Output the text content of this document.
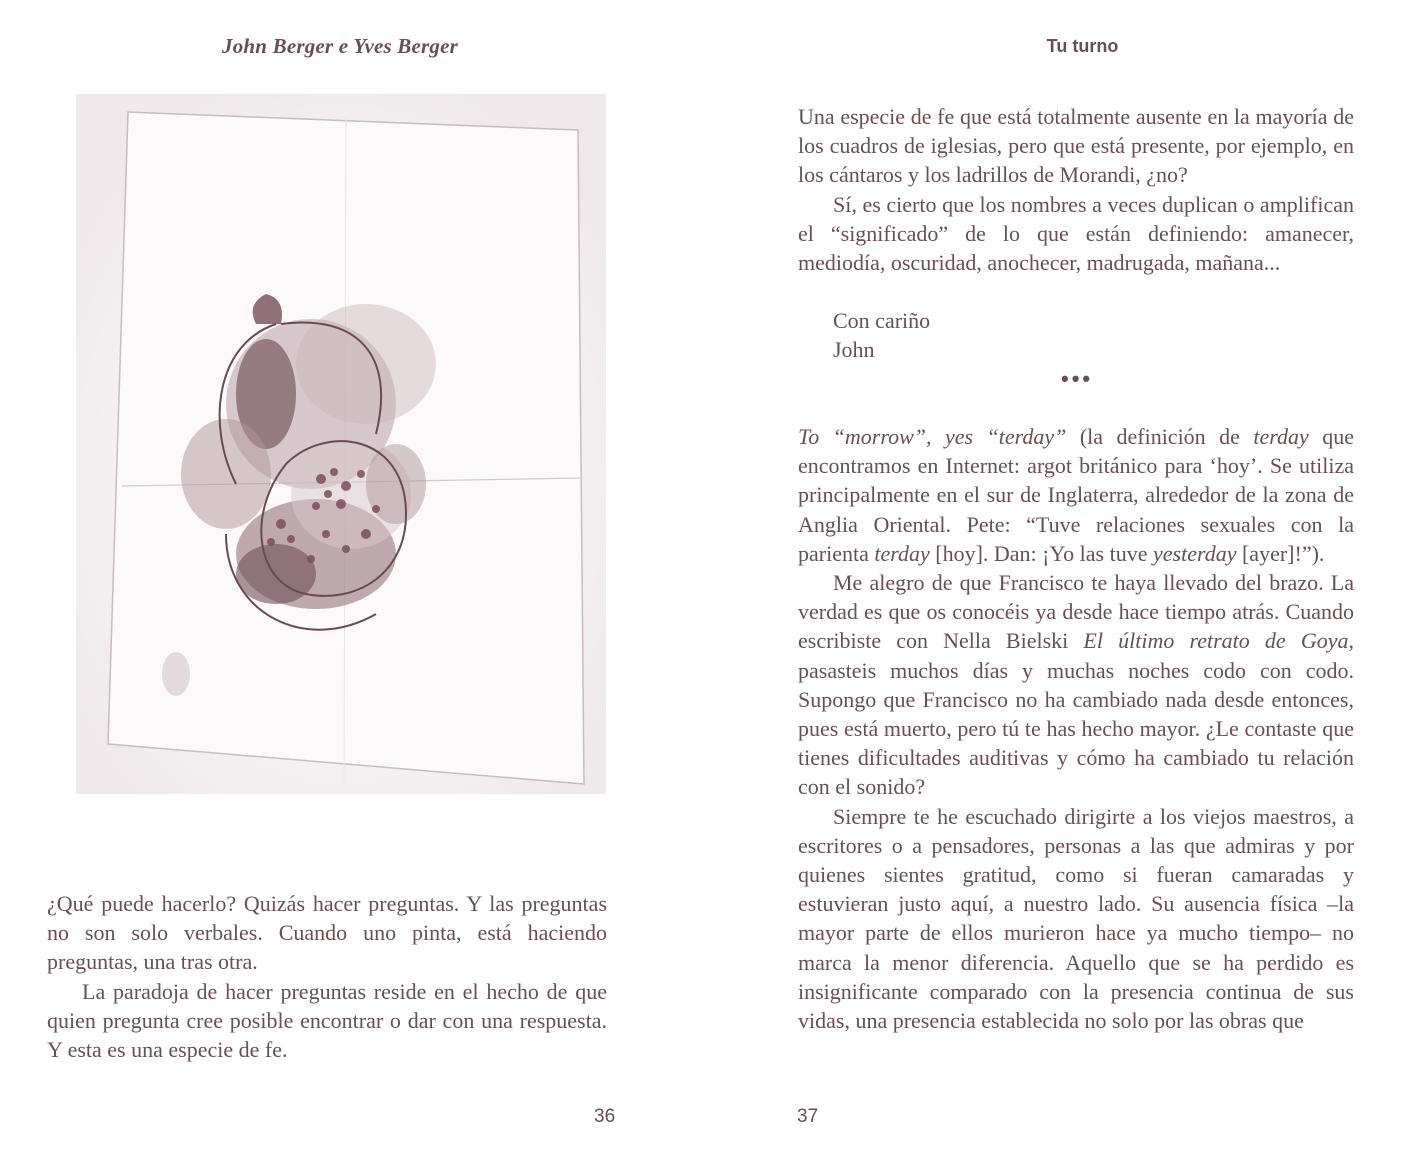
John Berger e Yves Berger

¿Qué puede hacerlo? Quizás hacer preguntas. Y las preguntas no son solo verbales. Cuando uno pinta, está haciendo preguntas, una tras otra.

La paradoja de hacer preguntas reside en el hecho de que quien pregunta cree posible encontrar o dar con una respuesta. Y esta es una especie de fe.

36
Tu turno

Una especie de fe que está totalmente ausente en la mayoría de los cuadros de iglesias, pero que está presente, por ejemplo, en los cántaros y los ladrillos de Morandi, ¿no?

Sí, es cierto que los nombres a veces duplican o amplifican el “significado” de lo que están definiendo: amanecer, mediodía, oscuridad, anochecer, madrugada, mañana...

Con cariño
John
•••

To “morrow”, yes “terday” (la definición de terday que encontramos en Internet: argot británico para ‘hoy’. Se utiliza principalmente en el sur de Inglaterra, alrededor de la zona de Anglia Oriental. Pete: “Tuve relaciones sexuales con la parienta terday [hoy]. Dan: ¡Yo las tuve yesterday [ayer]!”).

Me alegro de que Francisco te haya llevado del brazo. La verdad es que os conocéis ya desde hace tiempo atrás. Cuando escribiste con Nella Bielski El último retrato de Goya, pasasteis muchos días y muchas noches codo con codo. Supongo que Francisco no ha cambiado nada desde entonces, pues está muerto, pero tú te has hecho mayor. ¿Le contaste que tienes dificultades auditivas y cómo ha cambiado tu relación con el sonido?

Siempre te he escuchado dirigirte a los viejos maestros, a escritores o a pensadores, personas a las que admiras y por quienes sientes gratitud, como si fueran camaradas y estuvieran justo aquí, a nuestro lado. Su ausencia física –la mayor parte de ellos murieron hace ya mucho tiempo– no marca la menor diferencia. Aquello que se ha perdido es insignificante comparado con la presencia continua de sus vidas, una presencia establecida no solo por las obras que

37
